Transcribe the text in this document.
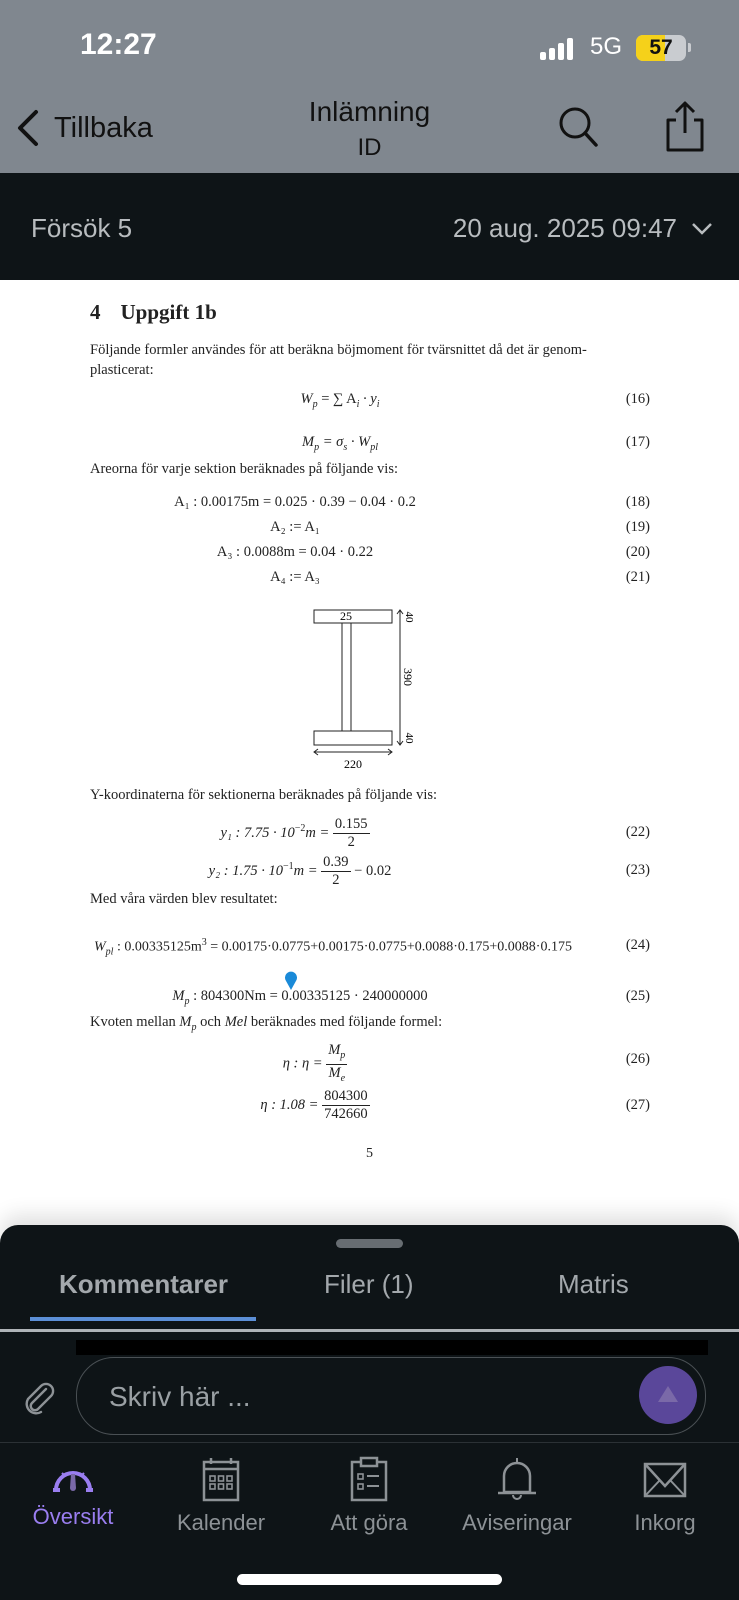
12:27	5G	57
Tillbaka	Inlämning
ID
Försök 5	20 aug. 2025 09:47
4 Uppgift 1b
Följande formler användes för att beräkna böjmoment för tvärsnittet då det är genom-
plasticerat:
$W_p$ = ∑ $A_i \cdot y_i$	(16)
$M_p = \sigma_s \cdot W_{pl}$	(17)
Areorna för varje sektion beräknades på följande vis:
A₁ : 0.00175m = 0.025 · 0.39 − 0.04 · 0.2	(18)
A₂ := A₁	(19)
A₃ : 0.0088m = 0.04 · 0.22	(20)
A₄ := A₃	(21)
25
390
40
40
220
Y-koordinaterna för sektionerna beräknades på följande vis:
y₁ : $7.75 \cdot 10^{-2}m = \frac{0.155}{2}$	(22)
y₂ : $1.75 \cdot 10^{-1}m = \frac{0.39}{2} - 0.02$	(23)
Med våra värden blev resultatet:
$W_{pl}$ : $0.00335125m^3 = 0.00175\cdot 0.0775+0.00175\cdot 0.0775+0.0088\cdot 0.175+0.0088\cdot 0.175$	(24)
$M_p$ : 804300Nm = 0.00335125 · 240000000	(25)
Kvoten mellan $M_p$ och Mel beräknades med följande formel:
η : $\eta = \frac{M_p}{M_e}$	(26)
η : $1.08 = \frac{804300}{742660}$	(27)
5
Kommentarer	Filer (1)	Matris
Skriv här ...
Översikt	Kalender	Att göra	Aviseringar	Inkorg
